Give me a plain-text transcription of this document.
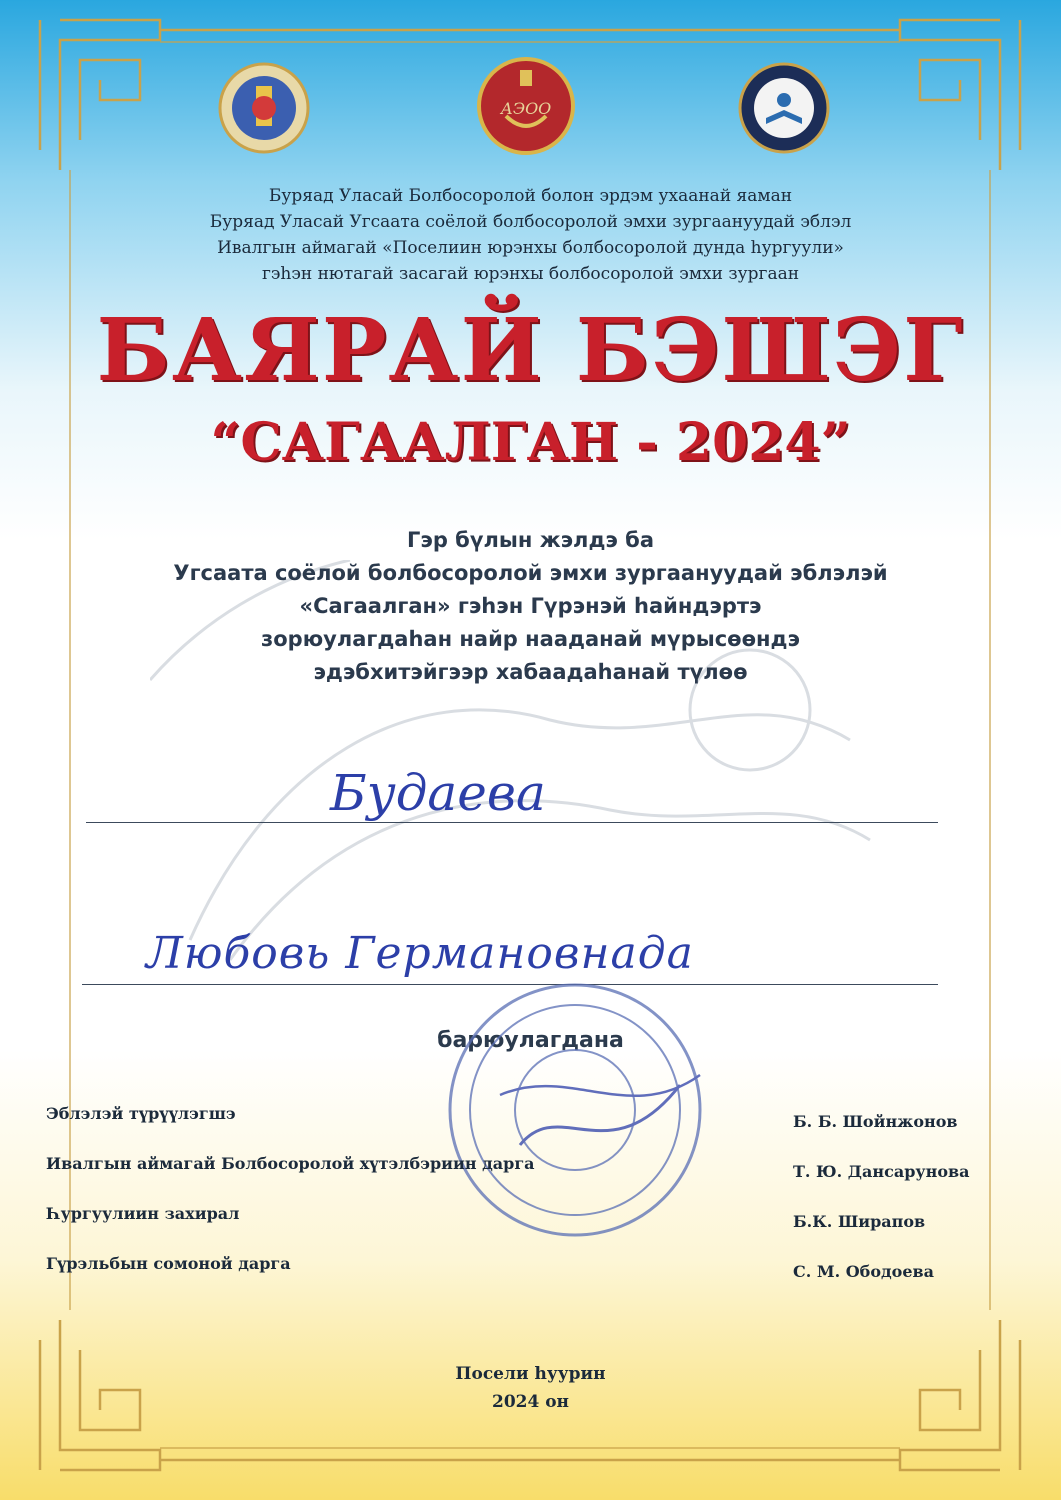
АЭОО
Буряад Уласай Болбосоролой болон эрдэм ухаанай яаман
Буряад Уласай Угсаата соёлой болбосоролой эмхи зургаануудай эблэл
Ивалгын аймагай «Поселиин юрэнхы болбосоролой дунда һургуули»
гэһэн нютагай засагай юрэнхы болбосоролой эмхи зургаан
БАЯРАЙ БЭШЭГ
“САГААЛГАН - 2024”
Гэр бүлын жэлдэ ба
Угсаата соёлой болбосоролой эмхи зургаануудай эблэлэй
«Сагаалган» гэһэн Гүрэнэй һайндэртэ
зорюулагдаһан найр нааданай мүрысөөндэ
эдэбхитэйгээр хабаадаһанай түлөө
Будаева
Любовь Германовнада
барюулагдана
Эблэлэй түрүүлэгшэ	Б. Б. Шойнжонов
Ивалгын аймагай Болбосоролой хүтэлбэриин дарга	Т. Ю. Дансарунова
Һургуулиин захирал	Б.К. Ширапов
Гүрэльбын сомоной дарга	С. М. Ободоева
Посели һуурин
2024 он
